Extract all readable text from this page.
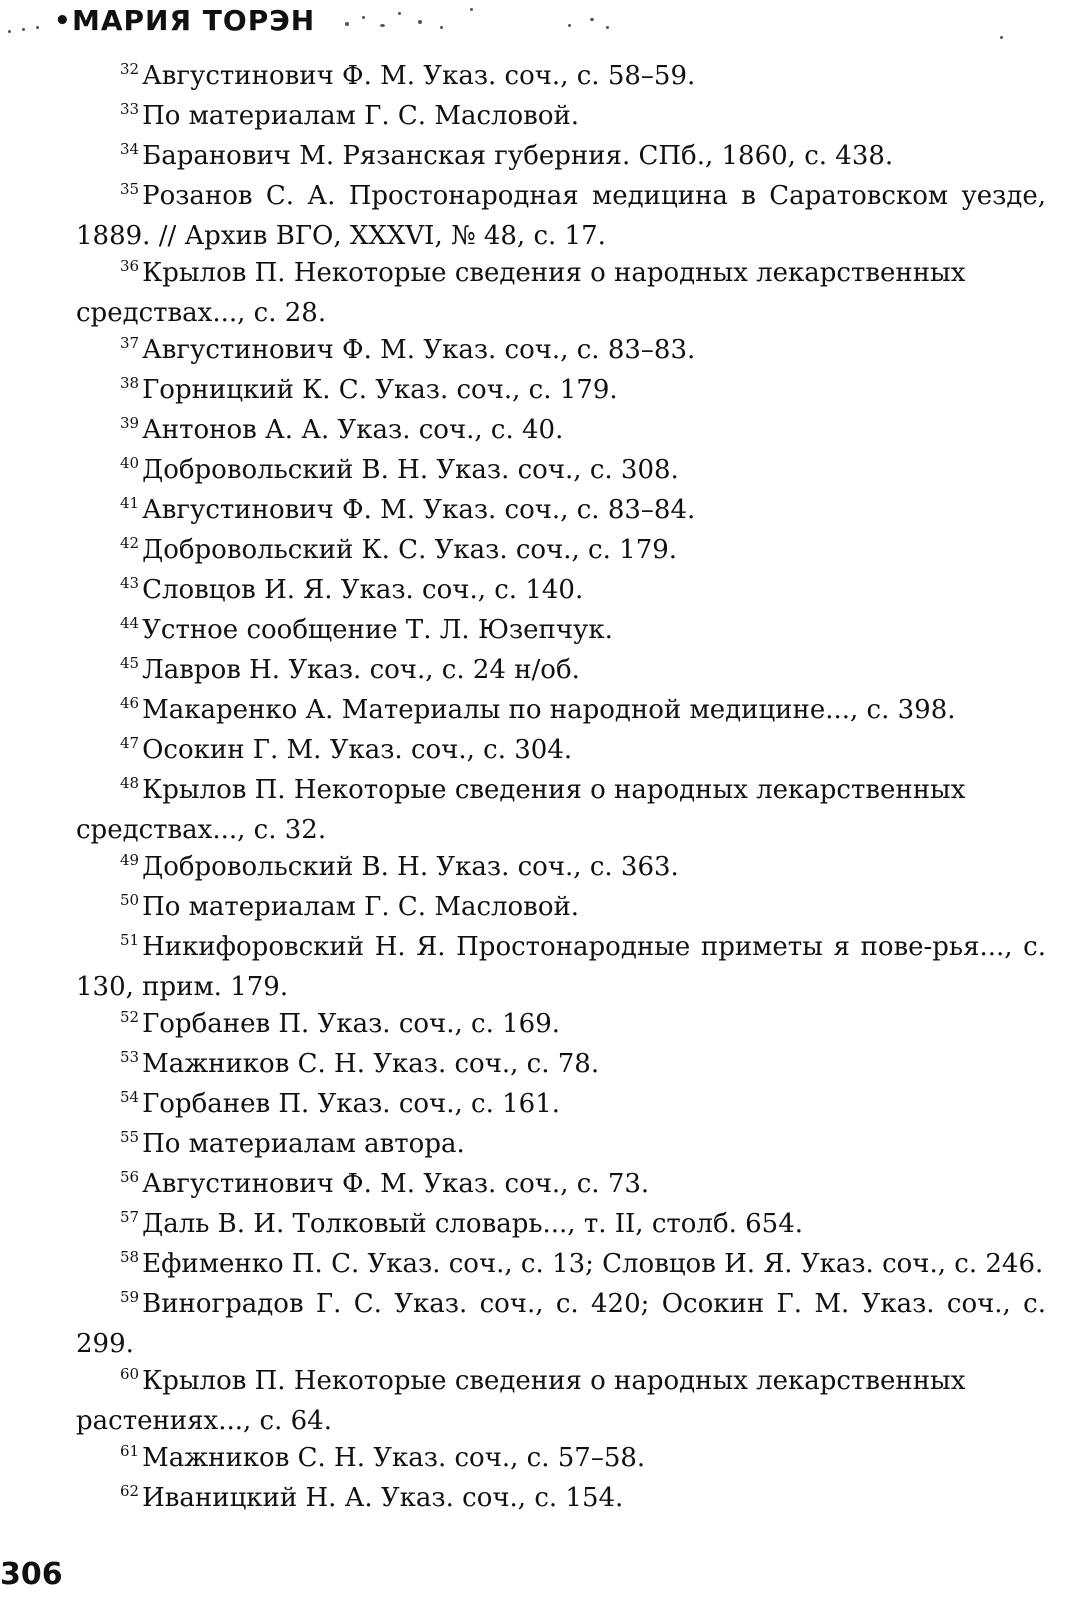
• МАРИЯ ТОРЭН

$^{32}$ Августинович Ф. М. Указ. соч., с. 58–59.

$^{33}$ По материалам Г. С. Масловой.

$^{34}$ Баранович М. Рязанская губерния. СПб., 1860, с. 438.

$^{35}$ Розанов С. А. Простонародная медицина в Саратовском уезде, 1889. // Архив ВГО, XXXVI, № 48, с. 17.

$^{36}$ Крылов П. Некоторые сведения о народных лекарственных средствах..., с. 28.

$^{37}$ Августинович Ф. М. Указ. соч., с. 83–83.

$^{38}$ Горницкий К. С. Указ. соч., с. 179.

$^{39}$ Антонов А. А. Указ. соч., с. 40.

$^{40}$ Добровольский В. Н. Указ. соч., с. 308.

$^{41}$ Августинович Ф. М. Указ. соч., с. 83–84.

$^{42}$ Добровольский К. С. Указ. соч., с. 179.

$^{43}$ Словцов И. Я. Указ. соч., с. 140.

$^{44}$ Устное сообщение Т. Л. Юзепчук.

$^{45}$ Лавров Н. Указ. соч., с. 24 н/об.

$^{46}$ Макаренко А. Материалы по народной медицине..., с. 398.

$^{47}$ Осокин Г. М. Указ. соч., с. 304.

$^{48}$ Крылов П. Некоторые сведения о народных лекарственных средствах..., с. 32.

$^{49}$ Добровольский В. Н. Указ. соч., с. 363.

$^{50}$ По материалам Г. С. Масловой.

$^{51}$ Никифоровский Н. Я. Простонародные приметы я пове-рья..., с. 130, прим. 179.

$^{52}$ Горбанев П. Указ. соч., с. 169.

$^{53}$ Мажников С. Н. Указ. соч., с. 78.

$^{54}$ Горбанев П. Указ. соч., с. 161.

$^{55}$ По материалам автора.

$^{56}$ Августинович Ф. М. Указ. соч., с. 73.

$^{57}$ Даль В. И. Толковый словарь..., т. II, столб. 654.

$^{58}$ Ефименко П. С. Указ. соч., с. 13; Словцов И. Я. Указ. соч., с. 246.

$^{59}$ Виноградов Г. С. Указ. соч., с. 420; Осокин Г. М. Указ. соч., с. 299.

$^{60}$ Крылов П. Некоторые сведения о народных лекарственных растениях..., с. 64.

$^{61}$ Мажников С. Н. Указ. соч., с. 57–58.

$^{62}$ Иваницкий Н. А. Указ. соч., с. 154.

306
